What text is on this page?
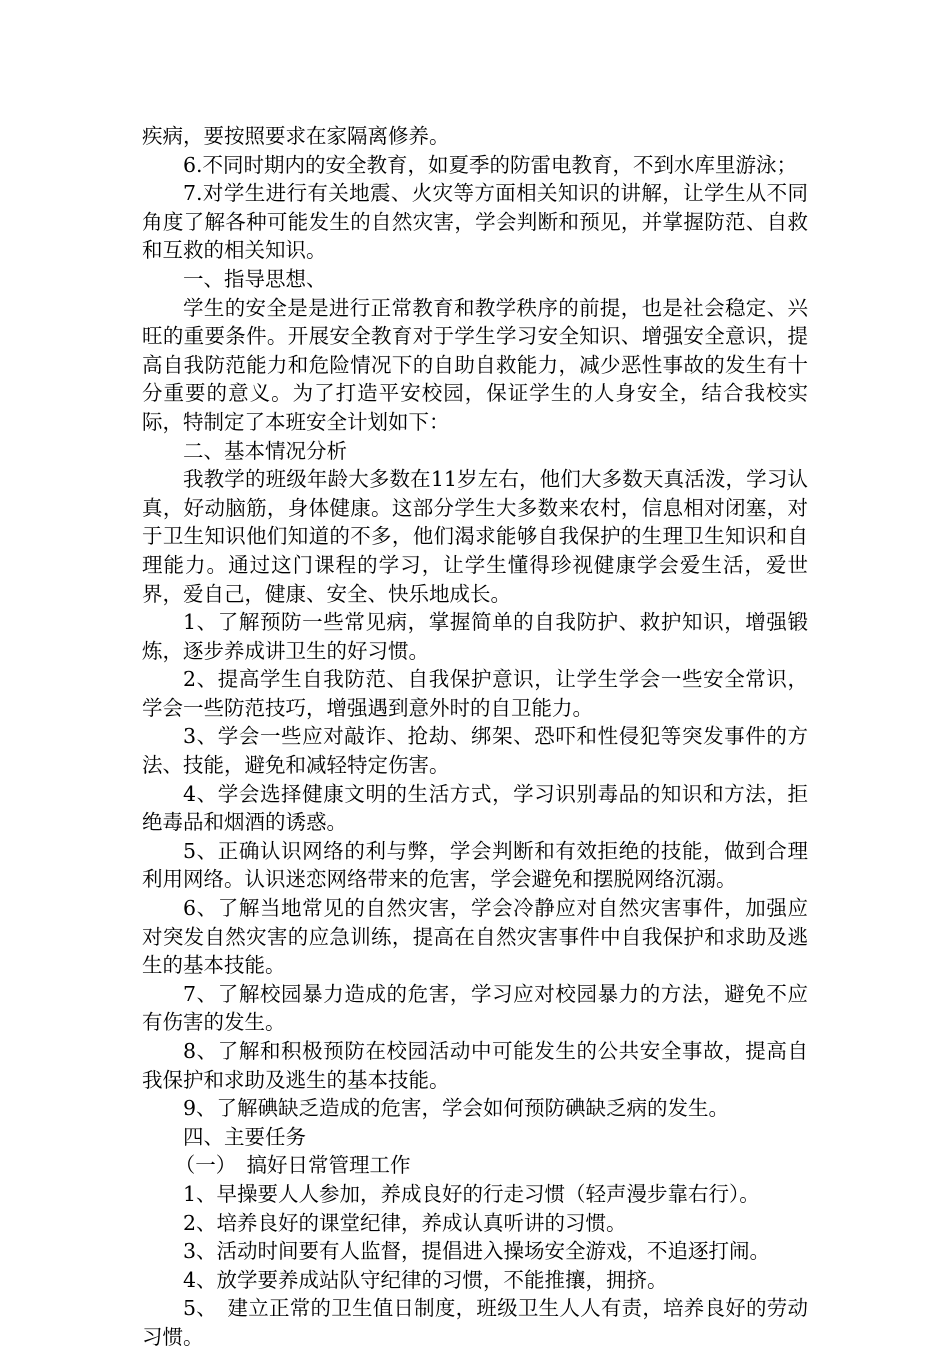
疾病，要按照要求在家隔离修养。

6.不同时期内的安全教育，如夏季的防雷电教育，不到水库里游泳；

7.对学生进行有关地震、火灾等方面相关知识的讲解，让学生从不同角度了解各种可能发生的自然灾害，学会判断和预见，并掌握防范、自救和互救的相关知识。

一、指导思想、

学生的安全是是进行正常教育和教学秩序的前提，也是社会稳定、兴旺的重要条件。开展安全教育对于学生学习安全知识、增强安全意识，提高自我防范能力和危险情况下的自助自救能力，减少恶性事故的发生有十分重要的意义。为了打造平安校园，保证学生的人身安全，结合我校实际，特制定了本班安全计划如下：

二、基本情况分析

我教学的班级年龄大多数在11岁左右，他们大多数天真活泼，学习认真，好动脑筋，身体健康。这部分学生大多数来农村，信息相对闭塞，对于卫生知识他们知道的不多，他们渴求能够自我保护的生理卫生知识和自理能力。通过这门课程的学习，让学生懂得珍视健康学会爱生活，爱世界，爱自己，健康、安全、快乐地成长。

1、了解预防一些常见病，掌握简单的自我防护、救护知识，增强锻炼，逐步养成讲卫生的好习惯。

2、提高学生自我防范、自我保护意识，让学生学会一些安全常识，学会一些防范技巧，增强遇到意外时的自卫能力。

3、学会一些应对敲诈、抢劫、绑架、恐吓和性侵犯等突发事件的方法、技能，避免和减轻特定伤害。

4、学会选择健康文明的生活方式，学习识别毒品的知识和方法，拒绝毒品和烟酒的诱惑。

5、正确认识网络的利与弊，学会判断和有效拒绝的技能，做到合理利用网络。认识迷恋网络带来的危害，学会避免和摆脱网络沉溺。

6、了解当地常见的自然灾害，学会冷静应对自然灾害事件，加强应对突发自然灾害的应急训练，提高在自然灾害事件中自我保护和求助及逃生的基本技能。

7、了解校园暴力造成的危害，学习应对校园暴力的方法，避免不应有伤害的发生。

8、了解和积极预防在校园活动中可能发生的公共安全事故，提高自我保护和求助及逃生的基本技能。

9、了解碘缺乏造成的危害，学会如何预防碘缺乏病的发生。

四、主要任务

（一）　搞好日常管理工作

1、早操要人人参加，养成良好的行走习惯（轻声漫步靠右行）。

2、培养良好的课堂纪律，养成认真听讲的习惯。

3、活动时间要有人监督，提倡进入操场安全游戏，不追逐打闹。

4、放学要养成站队守纪律的习惯，不能推攘，拥挤。

5、　建立正常的卫生值日制度，班级卫生人人有责，培养良好的劳动习惯。
